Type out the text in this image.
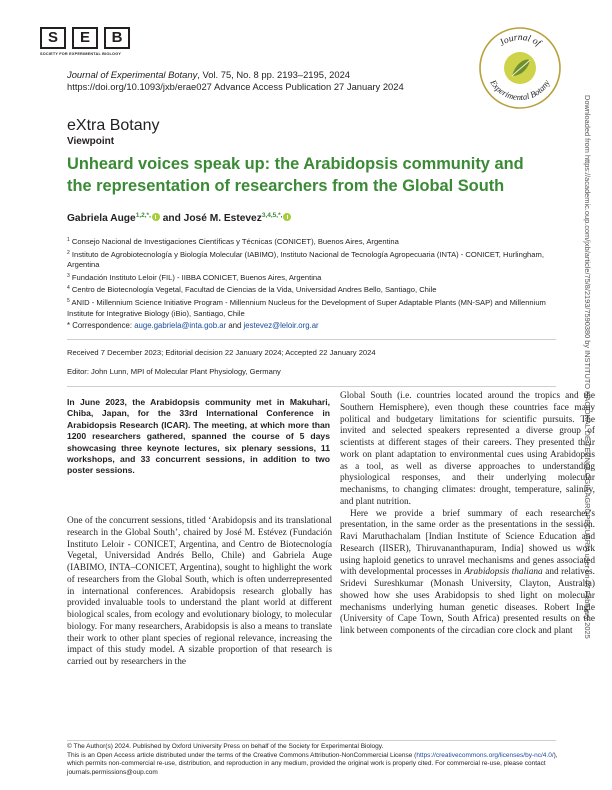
S	E	B
SOCIETY FOR EXPERIMENTAL BIOLOGY
Journal of Experimental Botany, Vol. 75, No. 8 pp. 2193–2195, 2024
https://doi.org/10.1093/jxb/erae027 Advance Access Publication 27 January 2024
Journal of
Experimental Botany
Downloaded from https://academic.oup.com/jxb/article/75/8/2193/7590380 by INSTITUTO NACIONAL DE TECNOLOGIA AGROPECUARIA user on 07 February 2025
eXtra Botany
Viewpoint
Unheard voices speak up: the Arabidopsis community and the representation of researchers from the Global South
Gabriela Auge$^{1,2,*,}$ and José M. Estevez$^{3,4,5,*,}$
$^1$ Consejo Nacional de Investigaciones Científicas y Técnicas (CONICET), Buenos Aires, Argentina
$^2$ Instituto de Agrobiotecnología y Biología Molecular (IABIMO), Instituto Nacional de Tecnología Agropecuaria (INTA) - CONICET, Hurlingham, Argentina
$^3$ Fundación Instituto Leloir (FIL) - IIBBA CONICET, Buenos Aires, Argentina
$^4$ Centro de Biotecnología Vegetal, Facultad de Ciencias de la Vida, Universidad Andres Bello, Santiago, Chile
$^5$ ANID - Millennium Science Initiative Program - Millennium Nucleus for the Development of Super Adaptable Plants (MN-SAP) and Millennium Institute for Integrative Biology (iBio), Santiago, Chile
* Correspondence: auge.gabriela@inta.gob.ar and jestevez@leloir.org.ar
Received 7 December 2023; Editorial decision 22 January 2024; Accepted 22 January 2024
Editor: John Lunn, MPI of Molecular Plant Physiology, Germany

In June 2023, the Arabidopsis community met in Makuhari, Chiba, Japan, for the 33rd International Conference in Arabidopsis Research (ICAR). The meeting, at which more than 1200 researchers gathered, spanned the course of 5 days showcasing three keynote lectures, six plenary sessions, 11 workshops, and 33 concurrent sessions, in addition to two poster sessions.

One of the concurrent sessions, titled ‘Arabidopsis and its translational research in the Global South’, chaired by José M. Estévez (Fundación Instituto Leloir - CONICET, Argentina, and Centro de Biotecnología Vegetal, Universidad Andrés Bello, Chile) and Gabriela Auge (IABIMO, INTA–CONICET, Argentina), sought to highlight the work of researchers from the Global South, which is often underrepresented in international conferences. Arabidopsis research globally has provided invaluable tools to understand the plant world at different biological scales, from ecology and evolutionary biology, to molecular biology. For many researchers, Arabidopsis is also a means to translate their work to other plant species of regional relevance, increasing the impact of this study model. A sizable proportion of that research is carried out by researchers in the

Global South (i.e. countries located around the tropics and the Southern Hemisphere), even though these countries face many political and budgetary limitations for scientific pursuits. The invited and selected speakers represented a diverse group of scientists at different stages of their careers. They presented their work on plant adaptation to environmental cues using Arabidopsis as a tool, as well as diverse approaches to understanding physiological responses, and their underlying molecular mechanisms, to changing climates: drought, temperature, salinity, and plant nutrition.

Here we provide a brief summary of each researcher’s presentation, in the same order as the presentations in the session. Ravi Maruthachalam [Indian Institute of Science Education and Research (IISER), Thiruvananthapuram, India] showed us work using haploid genetics to unravel mechanisms and genes associated with developmental processes in Arabidopsis thaliana and relatives. Sridevi Sureshkumar (Monash University, Clayton, Australia) showed how she uses Arabidopsis to shed light on molecular mechanisms underlying human genetic diseases. Robert Ingle (University of Cape Town, South Africa) presented results on the link between components of the circadian core clock and plant

© The Author(s) 2024. Published by Oxford University Press on behalf of the Society for Experimental Biology.
This is an Open Access article distributed under the terms of the Creative Commons Attribution-NonCommercial License (https://creativecommons.org/licenses/by-nc/4.0/), which permits non-commercial re-use, distribution, and reproduction in any medium, provided the original work is properly cited. For commercial re-use, please contact journals.permissions@oup.com
